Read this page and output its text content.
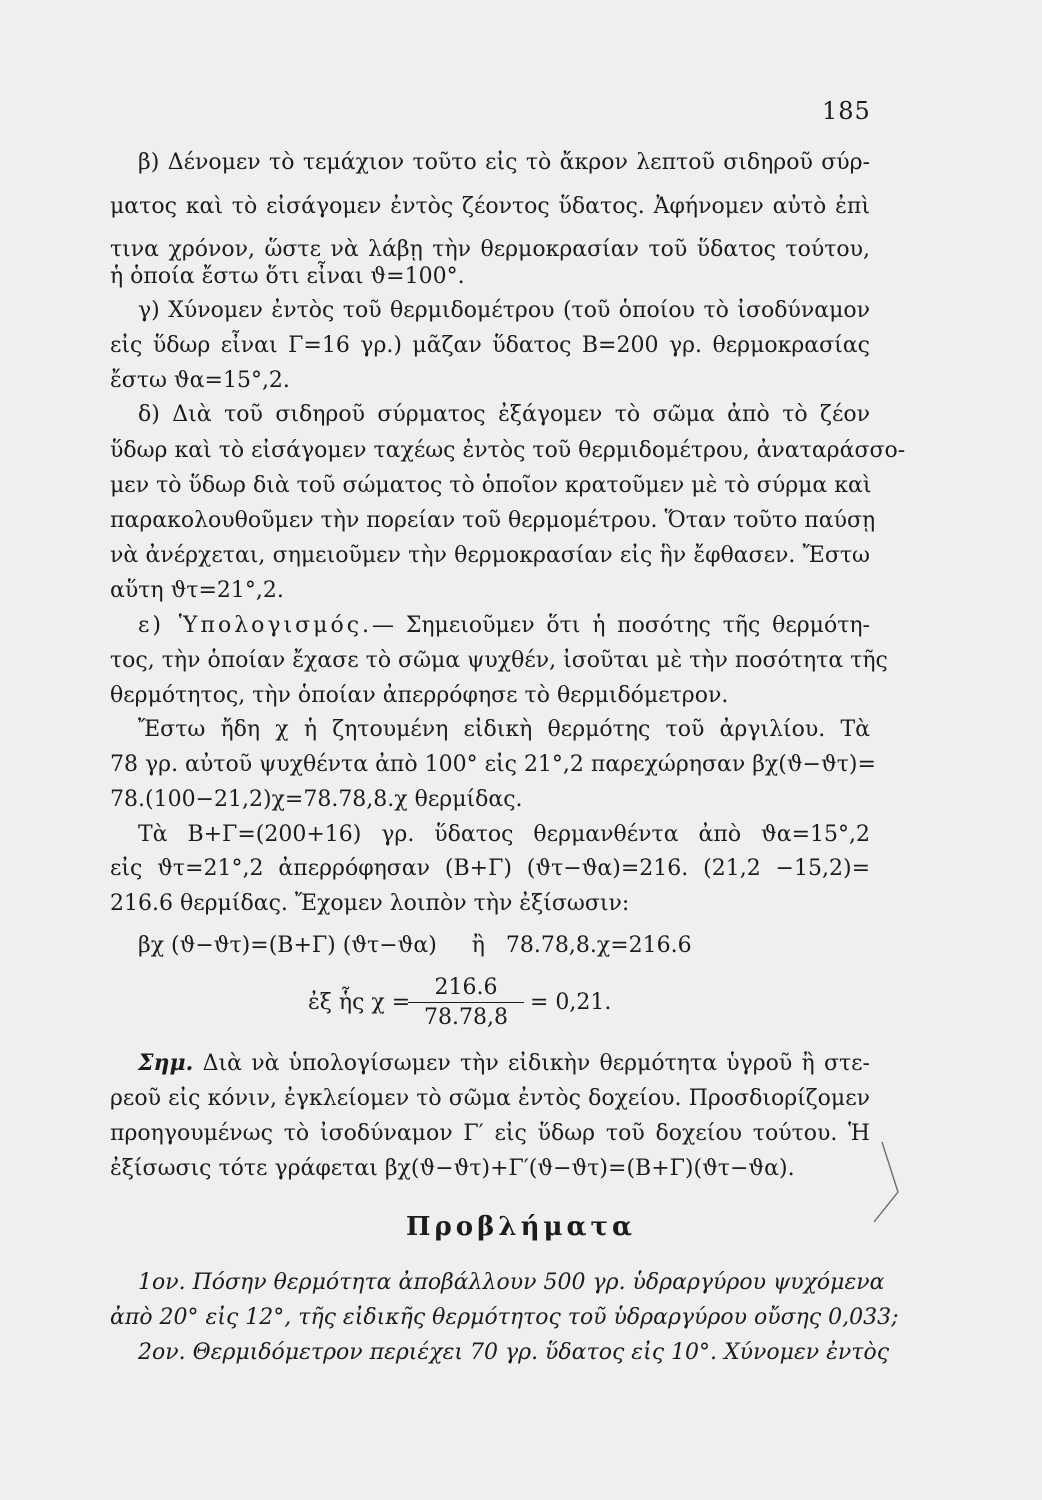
185
β) Δένομεν τὸ τεμάχιον τοῦτο εἰς τὸ ἄκρον λεπτοῦ σιδηροῦ σύρ-
ματος καὶ τὸ εἰσάγομεν ἐντὸς ζέοντος ὕδατος. Ἀφήνομεν αὐτὸ ἐπὶ
τινα χρόνον, ὥστε νὰ λάβῃ τὴν θερμοκρασίαν τοῦ ὕδατος τούτου,
ἡ ὁποία ἔστω ὅτι εἶναι ϑ=100°.
γ) Χύνομεν ἐντὸς τοῦ θερμιδομέτρου (τοῦ ὁποίου τὸ ἰσοδύναμον
εἰς ὕδωρ εἶναι Γ=16 γρ.) μᾶζαν ὕδατος Β=200 γρ. θερμοκρασίας
ἔστω ϑα=15°,2.
δ) Διὰ τοῦ σιδηροῦ σύρματος ἐξάγομεν τὸ σῶμα ἀπὸ τὸ ζέον
ὕδωρ καὶ τὸ εἰσάγομεν ταχέως ἐντὸς τοῦ θερμιδομέτρου, ἀναταράσσο-
μεν τὸ ὕδωρ διὰ τοῦ σώματος τὸ ὁποῖον κρατοῦμεν μὲ τὸ σύρμα καὶ
παρακολουθοῦμεν τὴν πορείαν τοῦ θερμομέτρου. Ὅταν τοῦτο παύσῃ
νὰ ἀνέρχεται, σημειοῦμεν τὴν θερμοκρασίαν εἰς ἣν ἔφθασεν. Ἔστω
αὕτη ϑτ=21°,2.
ε) Ὑπολογισμός.— Σημειοῦμεν ὅτι ἡ ποσότης τῆς θερμότη-
τος, τὴν ὁποίαν ἔχασε τὸ σῶμα ψυχθέν, ἰσοῦται μὲ τὴν ποσότητα τῆς
θερμότητος, τὴν ὁποίαν ἀπερρόφησε τὸ θερμιδόμετρον.
Ἔστω ἤδη χ ἡ ζητουμένη εἰδικὴ θερμότης τοῦ ἀργιλίου. Τὰ
78 γρ. αὐτοῦ ψυχθέντα ἀπὸ 100° εἰς 21°,2 παρεχώρησαν βχ(ϑ−ϑτ)=
78.(100−21,2)χ=78.78,8.χ θερμίδας.
Τὰ Β+Γ=(200+16) γρ. ὕδατος θερμανθέντα ἀπὸ ϑα=15°,2
εἰς ϑτ=21°,2 ἀπερρόφησαν (Β+Γ) (ϑτ−ϑα)=216. (21,2 −15,2)=
216.6 θερμίδας. Ἔχομεν λοιπὸν τὴν ἐξίσωσιν:
βχ (ϑ−ϑτ)=(Β+Γ) (ϑτ−ϑα)     ἢ   78.78,8.χ=216.6
ἐξ ἧς χ =
$\frac{216.6}{78.78,8} = 0,21$.
Σημ. Διὰ νὰ ὑπολογίσωμεν τὴν εἰδικὴν θερμότητα ὑγροῦ ἢ στε-
ρεοῦ εἰς κόνιν, ἐγκλείομεν τὸ σῶμα ἐντὸς δοχείου. Προσδιορίζομεν
προηγουμένως τὸ ἰσοδύναμον Γ′ εἰς ὕδωρ τοῦ δοχείου τούτου. Ἡ
ἐξίσωσις τότε γράφεται βχ(ϑ−ϑτ)+Γ′(ϑ−ϑτ)=(Β+Γ)(ϑτ−ϑα).
Προβλήματα
1ον. Πόσην θερμότητα ἀποβάλλουν 500 γρ. ὑδραργύρου ψυχόμενα
ἀπὸ 20° εἰς 12°, τῆς εἰδικῆς θερμότητος τοῦ ὑδραργύρου οὔσης 0,033;
2ον. Θερμιδόμετρον περιέχει 70 γρ. ὕδατος εἰς 10°. Χύνομεν ἐντὸς
